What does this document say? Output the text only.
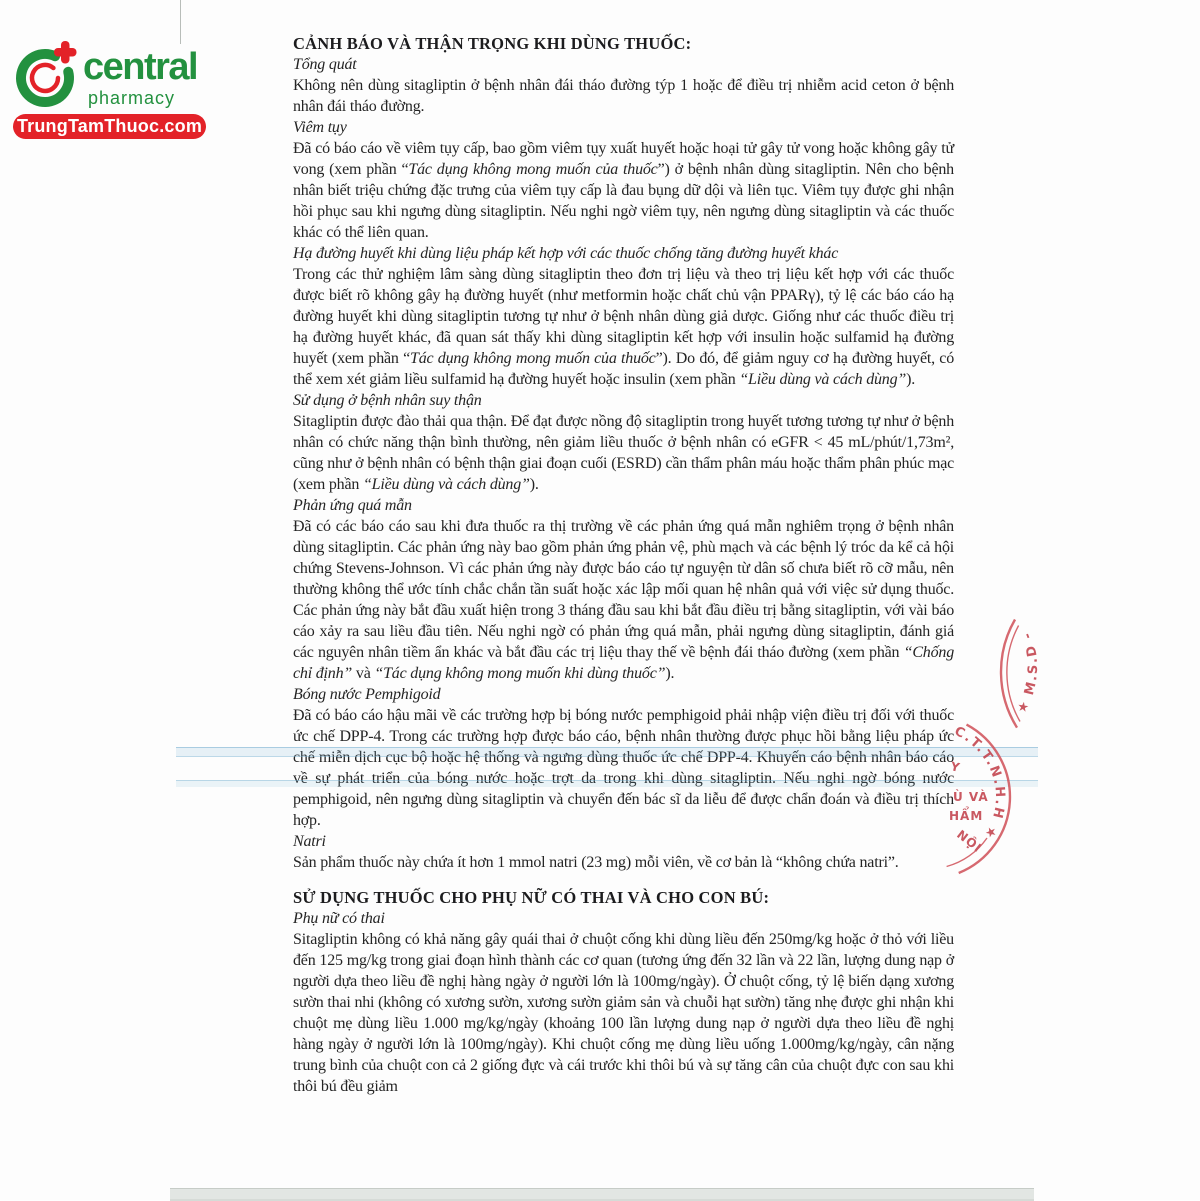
central
pharmacy
TrungTamThuoc.com
CẢNH BÁO VÀ THẬN TRỌNG KHI DÙNG THUỐC:
Tổng quát

Không nên dùng sitagliptin ở bệnh nhân đái tháo đường týp 1 hoặc để điều trị nhiễm acid ceton ở bệnh nhân đái tháo đường.

Viêm tụy

Đã có báo cáo về viêm tụy cấp, bao gồm viêm tụy xuất huyết hoặc hoại tử gây tử vong hoặc không gây tử vong (xem phần “Tác dụng không mong muốn của thuốc”) ở bệnh nhân dùng sitagliptin. Nên cho bệnh nhân biết triệu chứng đặc trưng của viêm tụy cấp là đau bụng dữ dội và liên tục. Viêm tụy được ghi nhận hồi phục sau khi ngưng dùng sitagliptin. Nếu nghi ngờ viêm tụy, nên ngưng dùng sitagliptin và các thuốc khác có thể liên quan.

Hạ đường huyết khi dùng liệu pháp kết hợp với các thuốc chống tăng đường huyết khác

Trong các thử nghiệm lâm sàng dùng sitagliptin theo đơn trị liệu và theo trị liệu kết hợp với các thuốc được biết rõ không gây hạ đường huyết (như metformin hoặc chất chủ vận PPARγ), tỷ lệ các báo cáo hạ đường huyết khi dùng sitagliptin tương tự như ở bệnh nhân dùng giả dược. Giống như các thuốc điều trị hạ đường huyết khác, đã quan sát thấy khi dùng sitagliptin kết hợp với insulin hoặc sulfamid hạ đường huyết (xem phần “Tác dụng không mong muốn của thuốc”). Do đó, để giảm nguy cơ hạ đường huyết, có thể xem xét giảm liều sulfamid hạ đường huyết hoặc insulin (xem phần “Liều dùng và cách dùng”).

Sử dụng ở bệnh nhân suy thận

Sitagliptin được đào thải qua thận. Để đạt được nồng độ sitagliptin trong huyết tương tương tự như ở bệnh nhân có chức năng thận bình thường, nên giảm liều thuốc ở bệnh nhân có eGFR < 45 mL/phút/1,73m², cũng như ở bệnh nhân có bệnh thận giai đoạn cuối (ESRD) cần thẩm phân máu hoặc thẩm phân phúc mạc (xem phần “Liều dùng và cách dùng”).

Phản ứng quá mẫn

Đã có các báo cáo sau khi đưa thuốc ra thị trường về các phản ứng quá mẫn nghiêm trọng ở bệnh nhân dùng sitagliptin. Các phản ứng này bao gồm phản ứng phản vệ, phù mạch và các bệnh lý tróc da kể cả hội chứng Stevens-Johnson. Vì các phản ứng này được báo cáo tự nguyện từ dân số chưa biết rõ cỡ mẫu, nên thường không thể ước tính chắc chắn tần suất hoặc xác lập mối quan hệ nhân quả với việc sử dụng thuốc. Các phản ứng này bắt đầu xuất hiện trong 3 tháng đầu sau khi bắt đầu điều trị bằng sitagliptin, với vài báo cáo xảy ra sau liều đầu tiên. Nếu nghi ngờ có phản ứng quá mẫn, phải ngưng dùng sitagliptin, đánh giá các nguyên nhân tiềm ẩn khác và bắt đầu các trị liệu thay thế về bệnh đái tháo đường (xem phần “Chống chỉ định” và “Tác dụng không mong muốn khi dùng thuốc”).

Bóng nước Pemphigoid

Đã có báo cáo hậu mãi về các trường hợp bị bóng nước pemphigoid phải nhập viện điều trị đối với thuốc ức chế DPP-4. Trong các trường hợp được báo cáo, bệnh nhân thường được phục hồi bằng liệu pháp ức chế miễn dịch cục bộ hoặc hệ thống và ngưng dùng thuốc ức chế DPP-4. Khuyến cáo bệnh nhân báo cáo về sự phát triển của bóng nước hoặc trợt da trong khi dùng sitagliptin. Nếu nghi ngờ bóng nước pemphigoid, nên ngưng dùng sitagliptin và chuyển đến bác sĩ da liễu để được chẩn đoán và điều trị thích hợp.

Natri

Sản phẩm thuốc này chứa ít hơn 1 mmol natri (23 mg) mỗi viên, về cơ bản là “không chứa natri”.

SỬ DỤNG THUỐC CHO PHỤ NỮ CÓ THAI VÀ CHO CON BÚ:
Phụ nữ có thai

Sitagliptin không có khả năng gây quái thai ở chuột cống khi dùng liều đến 250mg/kg hoặc ở thỏ với liều đến 125 mg/kg trong giai đoạn hình thành các cơ quan (tương ứng đến 32 lần và 22 lần, lượng dung nạp ở người dựa theo liều đề nghị hàng ngày ở người lớn là 100mg/ngày). Ở chuột cống, tỷ lệ biến dạng xương sườn thai nhi (không có xương sườn, xương sườn giảm sản và chuỗi hạt sườn) tăng nhẹ được ghi nhận khi chuột mẹ dùng liều 1.000 mg/kg/ngày (khoảng 100 lần lượng dung nạp ở người dựa theo liều đề nghị hàng ngày ở người lớn là 100mg/ngày). Khi chuột cống mẹ dùng liều uống 1.000mg/kg/ngày, cân nặng trung bình của chuột con cả 2 giống đực và cái trước khi thôi bú và sự tăng cân của chuột đực con sau khi thôi bú đều giảm

★ M.S.D -
C.T.T.N.H.H ★
Y
Ù VÀ
HẨM
NỘI
